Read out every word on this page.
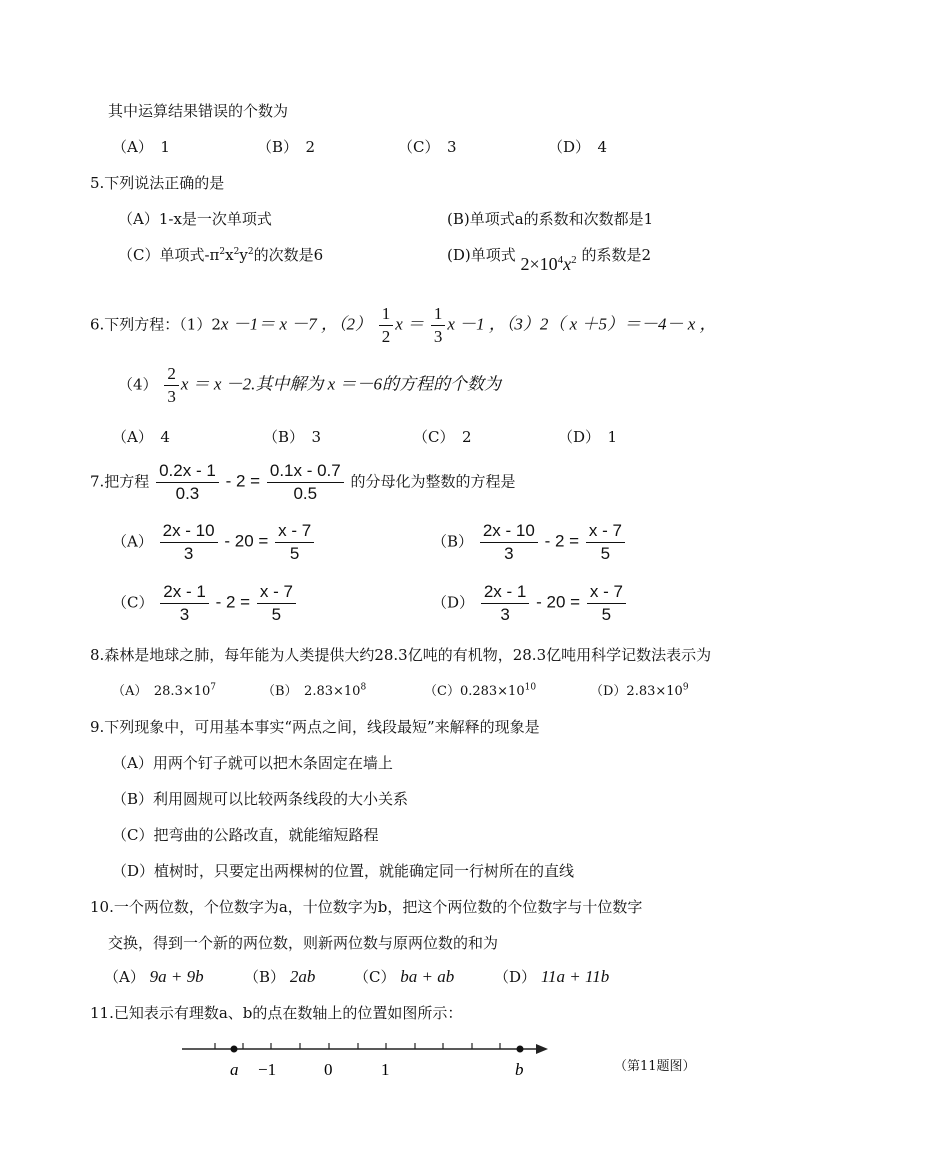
其中运算结果错误的个数为
（A）　1	（B）　2	（C）　3	（D）　4
5.下列说法正确的是
（A）1-x是一次单项式	(B)单项式a的系数和次数都是1
（C）单项式$-\pi^2x^2y^2$的次数是6	(D)单项式 $2\times 10^4x^2$ 的系数是2
6.下列方程：（1）2x －1＝ x －7 ，$(2) \frac{1}{2}$ $x = \frac{1}{3}$ x －1 ，（3）2（ x ＋5）＝－4－ x ，
$(4) \frac{2}{3}$ x ＝ x －2.其中解为 x ＝－6的方程的个数为
（A）　4	（B）　3	（C）　2	（D）　1
7.把方程 $\frac{0.2x - 1}{0.3} - 2 = \frac{0.1x - 0.7}{0.5}$ 的分母化为整数的方程是
$(A) \frac{2x - 10}{3} - 20 = \frac{x - 7}{5}$	$(B) \frac{2x - 10}{3} - 2 = \frac{x - 7}{5}$
$(C) \frac{2x - 1}{3} - 2 = \frac{x - 7}{5}$	$(D) \frac{2x - 1}{3} - 20 = \frac{x - 7}{5}$
8.森林是地球之肺，每年能为人类提供大约28.3亿吨的有机物，28.3亿吨用科学记数法表示为
（A）　$28.3\times 10^7$	（B）　$2.83\times 10^8$	$(C)0.283\times 10^{10}$	$(D)2.83\times 10^9$
9.下列现象中，可用基本事实“两点之间，线段最短”来解释的现象是
（A）用两个钉子就可以把木条固定在墙上
（B）利用圆规可以比较两条线段的大小关系
（C）把弯曲的公路改直，就能缩短路程
（D）植树时，只要定出两棵树的位置，就能确定同一行树所在的直线
10.一个两位数，个位数字为a，十位数字为b，把这个两位数的个位数字与十位数字
交换，得到一个新的两位数，则新两位数与原两位数的和为
（A） 9a + 9b	（B） 2ab	（C） ba + ab	（D） 11a + 11b
11.已知表示有理数a、b的点在数轴上的位置如图所示：
a −1	0	1	b	（第11题图）
